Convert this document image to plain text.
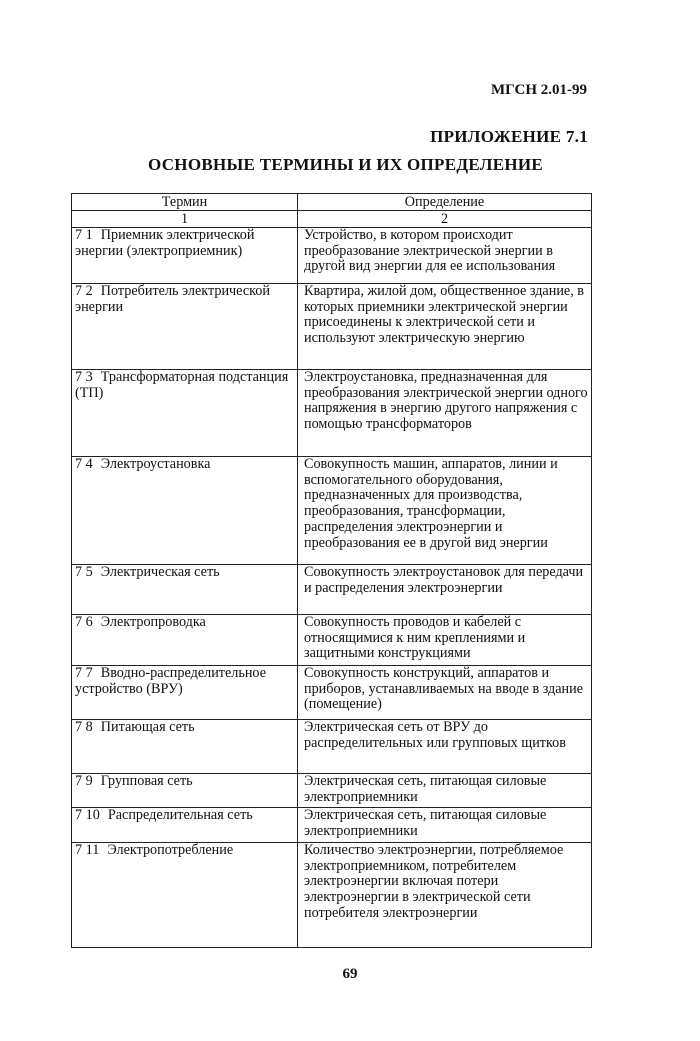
МГСН 2.01-99
ПРИЛОЖЕНИЕ 7.1
ОСНОВНЫЕ ТЕРМИНЫ И ИХ ОПРЕДЕЛЕНИЕ
Термин	Определение
1	2
7 1 Приемник электрической энергии (электроприемник)	Устройство, в котором происходит преобразование электрической энергии в другой вид энергии для ее использования
7 2 Потребитель электрической энергии	Квартира, жилой дом, общественное здание, в которых приемники электрической энергии присоединены к электрической сети и используют электрическую энергию
7 3 Трансформаторная подстанция (ТП)	Электроустановка, предназначенная для преобразования электрической энергии одного напряжения в энергию другого напряжения с помощью трансформаторов
7 4 Электроустановка	Совокупность машин, аппаратов, линии и вспомогательного оборудования, предназначенных для производства, преобразования, трансформации, распределения электроэнергии и преобразования ее в другой вид энергии
7 5 Электрическая сеть	Совокупность электроустановок для передачи и распределения электроэнергии
7 6 Электропроводка	Совокупность проводов и кабелей с относящимися к ним креплениями и защитными конструкциями
7 7 Вводно-распределительное устройство (ВРУ)	Совокупность конструкций, аппаратов и приборов, устанавливаемых на вводе в здание (помещение)
7 8 Питающая сеть	Электрическая сеть от ВРУ до распределительных или групповых щитков
7 9 Групповая сеть	Электрическая сеть, питающая силовые электроприемники
7 10 Распределительная сеть	Электрическая сеть, питающая силовые электроприемники
7 11 Электропотребление	Количество электроэнергии, потребляемое электроприемником, потребителем электроэнергии включая потери электроэнергии в электрической сети потребителя электроэнергии
69
